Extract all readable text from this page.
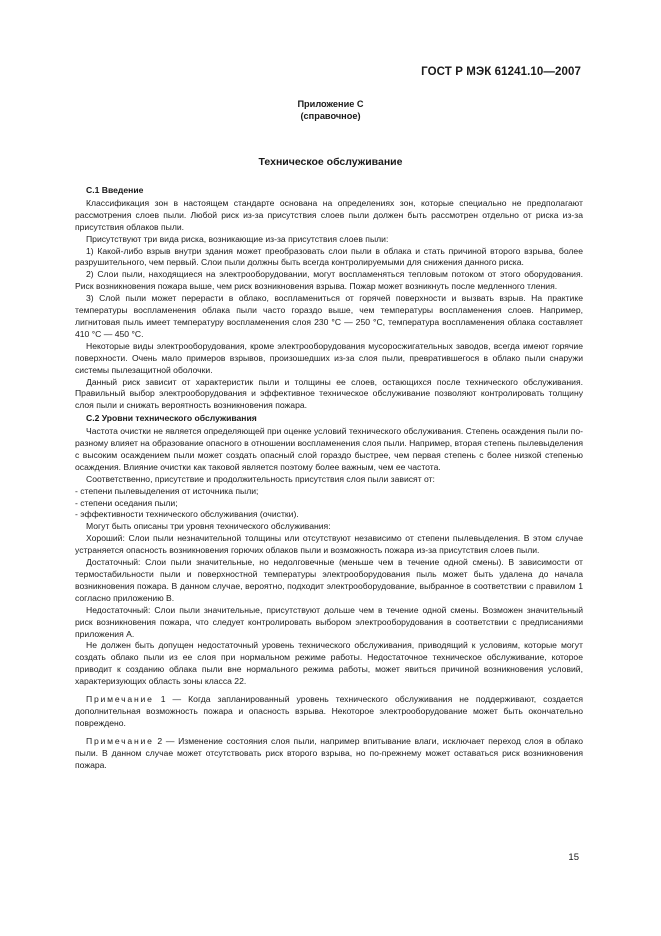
ГОСТ Р МЭК 61241.10—2007
Приложение С
(справочное)
Техническое обслуживание

С.1 Введение

Классификация зон в настоящем стандарте основана на определениях зон, которые специально не предполагают рассмотрения слоев пыли. Любой риск из-за присутствия слоев пыли должен быть рассмотрен отдельно от риска из-за присутствия облаков пыли.

Присутствуют три вида риска, возникающие из-за присутствия слоев пыли:

1) Какой-либо взрыв внутри здания может преобразовать слои пыли в облака и стать причиной второго взрыва, более разрушительного, чем первый. Слои пыли должны быть всегда контролируемыми для снижения данного риска.

2) Слои пыли, находящиеся на электрооборудовании, могут воспламеняться тепловым потоком от этого оборудования. Риск возникновения пожара выше, чем риск возникновения взрыва. Пожар может возникнуть после медленного тления.

3) Слой пыли может перерасти в облако, воспламениться от горячей поверхности и вызвать взрыв. На практике температуры воспламенения облака пыли часто гораздо выше, чем температуры воспламенения слоев. Например, лигнитовая пыль имеет температуру воспламенения слоя 230 °С — 250 °С, температура воспламенения облака составляет 410 °С — 450 °С.

Некоторые виды электрооборудования, кроме электрооборудования мусоросжигательных заводов, всегда имеют горячие поверхности. Очень мало примеров взрывов, произошедших из-за слоя пыли, превратившегося в облако пыли снаружи системы пылезащитной оболочки.

Данный риск зависит от характеристик пыли и толщины ее слоев, остающихся после технического обслуживания. Правильный выбор электрооборудования и эффективное техническое обслуживание позволяют контролировать толщину слоя пыли и снижать вероятность возникновения пожара.

С.2 Уровни технического обслуживания

Частота очистки не является определяющей при оценке условий технического обслуживания. Степень осаждения пыли по-разному влияет на образование опасного в отношении воспламенения слоя пыли. Например, вторая степень пылевыделения с высоким осаждением пыли может создать опасный слой гораздо быстрее, чем первая степень с более низкой степенью осаждения. Влияние очистки как таковой является поэтому более важным, чем ее частота.

Соответственно, присутствие и продолжительность присутствия слоя пыли зависят от:

- степени пылевыделения от источника пыли;

- степени оседания пыли;

- эффективности технического обслуживания (очистки).

Могут быть описаны три уровня технического обслуживания:

Хороший: Слои пыли незначительной толщины или отсутствуют независимо от степени пылевыделения. В этом случае устраняется опасность возникновения горючих облаков пыли и возможность пожара из-за присутствия слоев пыли.

Достаточный: Слои пыли значительные, но недолговечные (меньше чем в течение одной смены). В зависимости от термостабильности пыли и поверхностной температуры электрооборудования пыль может быть удалена до начала возникновения пожара. В данном случае, вероятно, подходит электрооборудование, выбранное в соответствии с правилом 1 согласно приложению В.

Недостаточный: Слои пыли значительные, присутствуют дольше чем в течение одной смены. Возможен значительный риск возникновения пожара, что следует контролировать выбором электрооборудования в соответствии с предписаниями приложения А.

Не должен быть допущен недостаточный уровень технического обслуживания, приводящий к условиям, которые могут создать облако пыли из ее слоя при нормальном режиме работы. Недостаточное техническое обслуживание, которое приводит к созданию облака пыли вне нормального режима работы, может явиться причиной возникновения условий, характеризующих область зоны класса 22.

Примечание 1 — Когда запланированный уровень технического обслуживания не поддерживают, создается дополнительная возможность пожара и опасность взрыва. Некоторое электрооборудование может быть окончательно повреждено.

Примечание 2 — Изменение состояния слоя пыли, например впитывание влаги, исключает переход слоя в облако пыли. В данном случае может отсутствовать риск второго взрыва, но по-прежнему может оставаться риск возникновения пожара.

15
